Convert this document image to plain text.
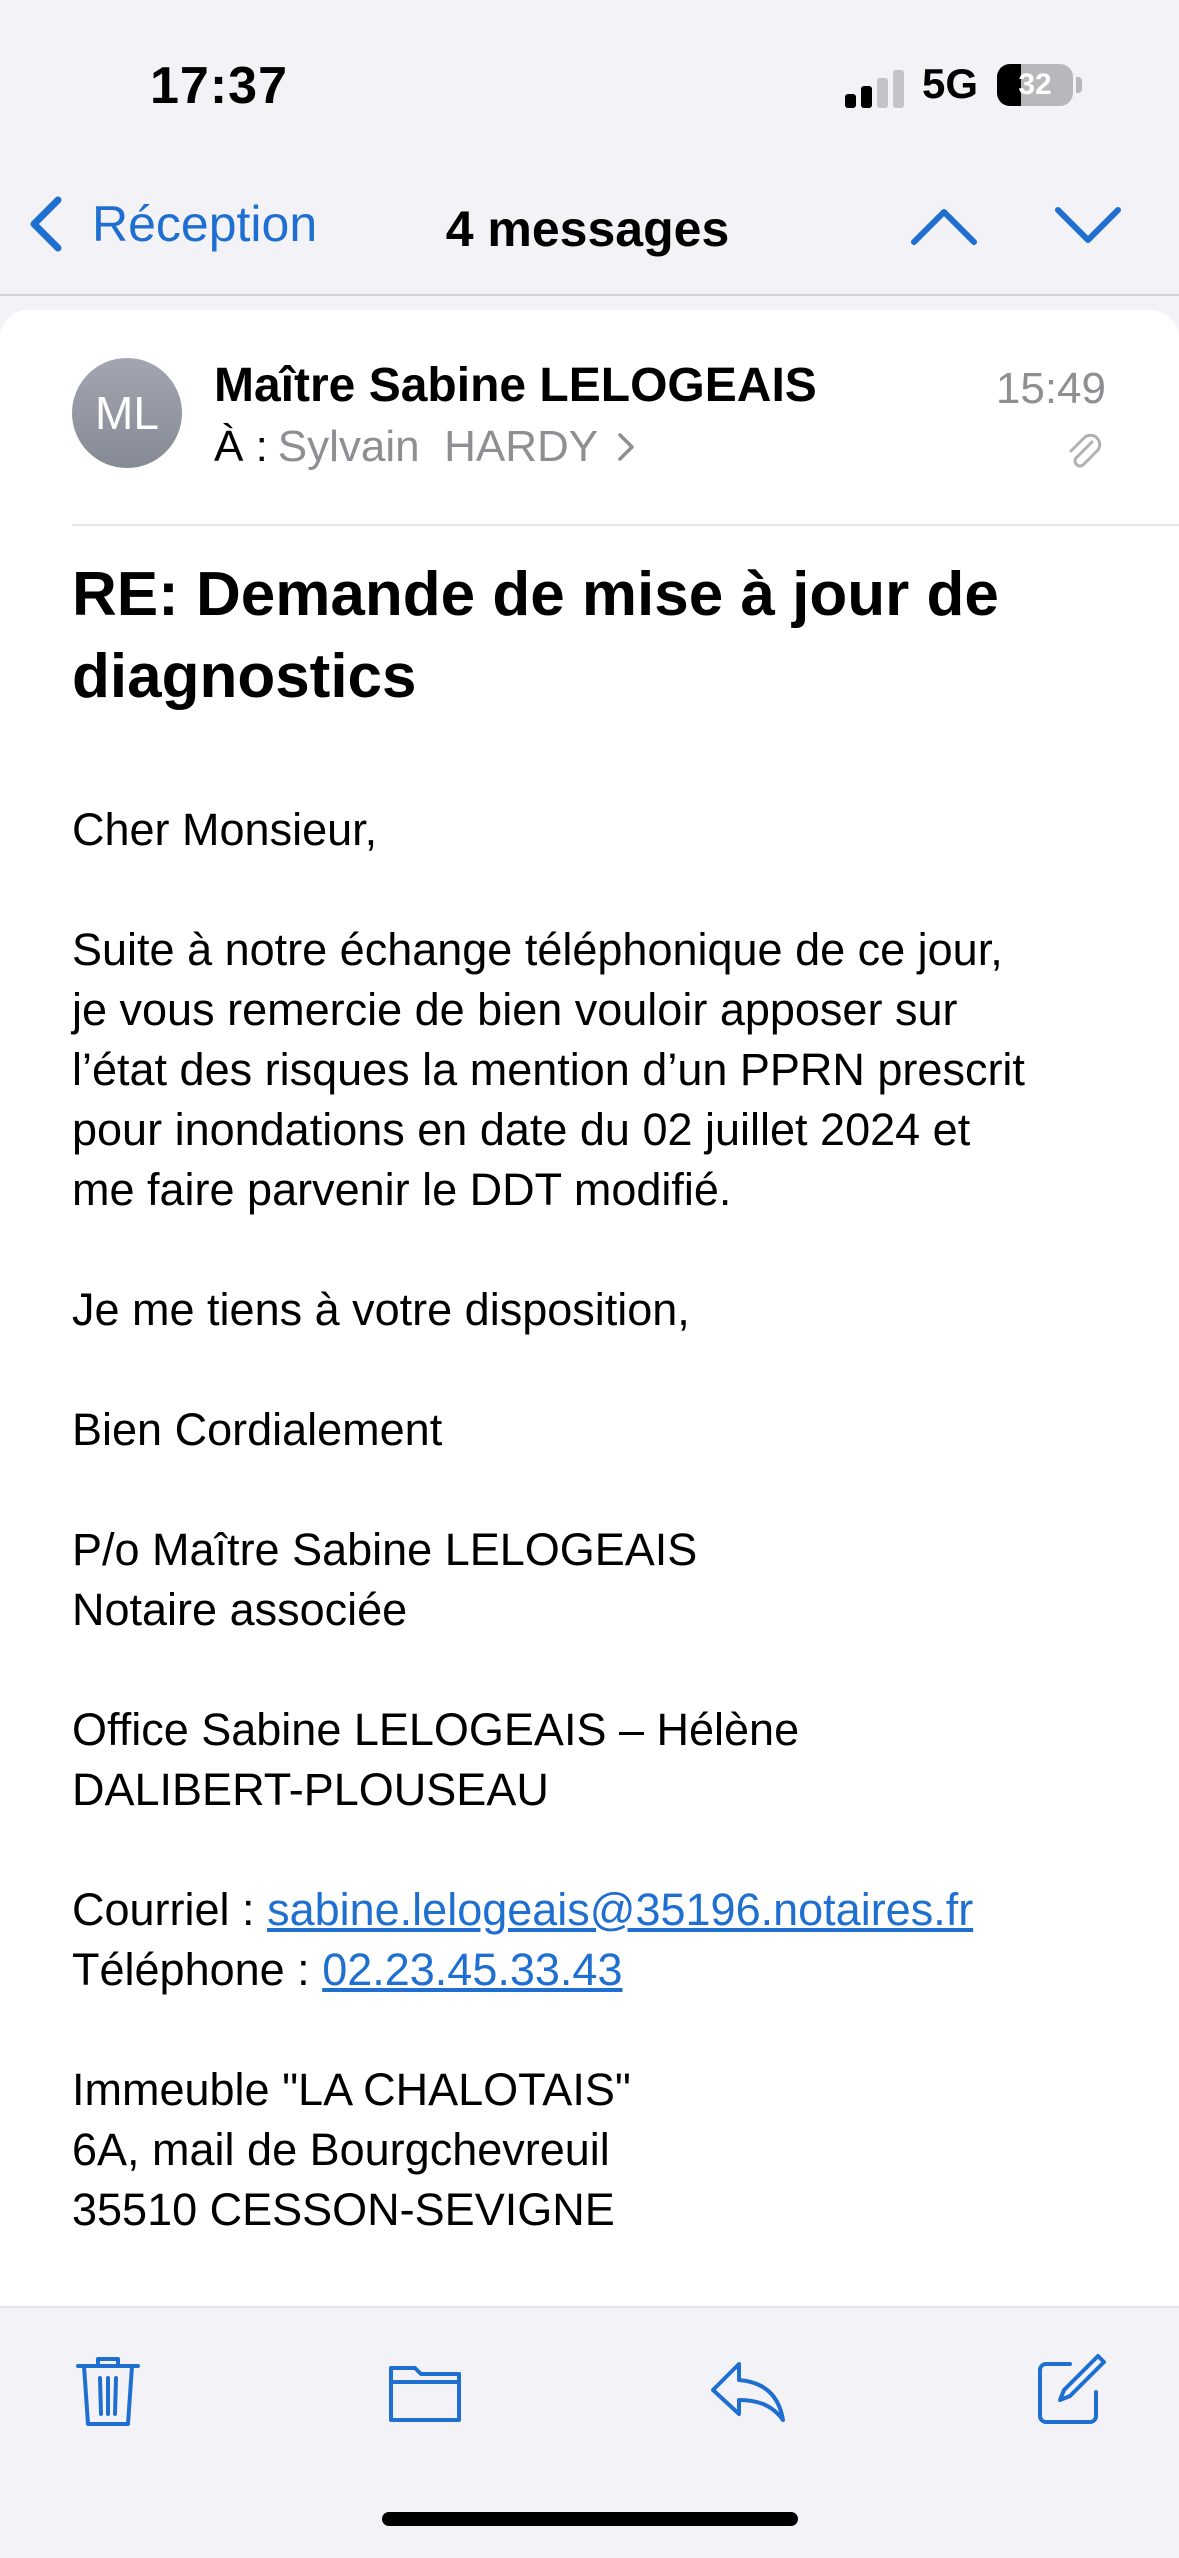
17:37	5G	32
Réception	4 messages
ML
Maître Sabine LELOGEAIS
À : Sylvain  HARDY
15:49
RE: Demande de mise à jour de diagnostics

Cher Monsieur,

Suite à notre échange téléphonique de ce jour,
je vous remercie de bien vouloir apposer sur
l’état des risques la mention d’un PPRN prescrit
pour inondations en date du 02 juillet 2024 et
me faire parvenir le DDT modifié.

Je me tiens à votre disposition,

Bien Cordialement

P/o Maître Sabine LELOGEAIS
Notaire associée

Office Sabine LELOGEAIS – Hélène
DALIBERT-PLOUSEAU

Courriel : sabine.lelogeais@35196.notaires.fr
Téléphone : 02.23.45.33.43

Immeuble "LA CHALOTAIS"
6A, mail de Bourgchevreuil
35510 CESSON-SEVIGNE
